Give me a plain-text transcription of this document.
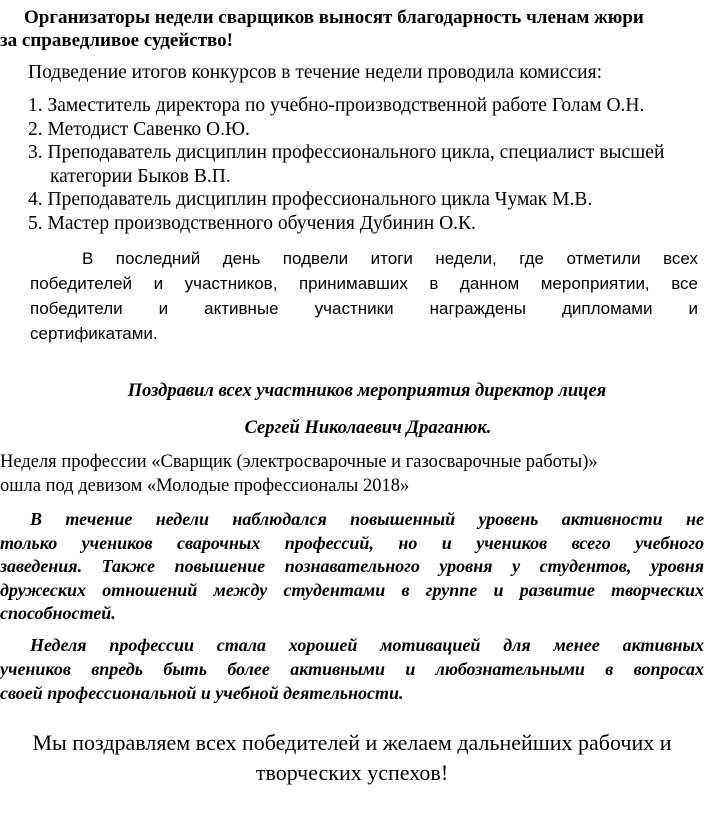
Организаторы недели сварщиков выносят благодарность членам жюри
за справедливое судейство!
Подведение итогов конкурсов в течение недели проводила комиссия:
1. Заместитель директора по учебно-производственной работе Голам О.Н.
2. Методист Савенко О.Ю.
3. Преподаватель дисциплин профессионального цикла, специалист высшей
категории Быков В.П.
4. Преподаватель дисциплин профессионального цикла Чумак М.В.
5. Мастер производственного обучения Дубинин О.К.
В последний день подвели итоги недели, где отметили всех
победителей и участников, принимавших в данном мероприятии, все
победители и активные участники награждены дипломами и
сертификатами.
Поздравил всех участников мероприятия директор лицея
Сергей Николаевич Драганюк.
Неделя профессии «Сварщик (электросварочные и газосварочные работы)»
ошла под девизом «Молодые профессионалы 2018»
В течение недели наблюдался повышенный уровень активности не
только учеников сварочных профессий, но и учеников всего учебного
заведения. Также повышение познавательного уровня у студентов, уровня
дружеских отношений между студентами в группе и развитие творческих
способностей.
Неделя профессии стала хорошей мотивацией для менее активных
учеников впредь быть более активными и любознательными в вопросах
своей профессиональной и учебной деятельности.
Мы поздравляем всех победителей и желаем дальнейших рабочих и
творческих успехов!
